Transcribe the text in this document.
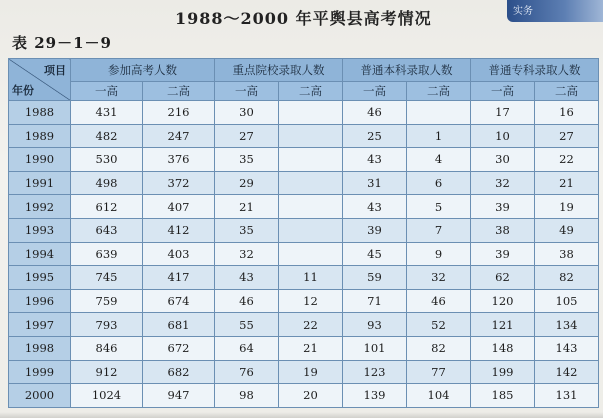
实务
1988～2000 年平舆县高考情况
表 29－1－9
项目
年份	参加高考人数		重点院校录取人数		普通本科录取人数		普通专科录取人数	
	一高	二高	一高	二高	一高	二高	一高	二高
1988	431	216	30		46		17	16
1989	482	247	27		25	1	10	27
1990	530	376	35		43	4	30	22
1991	498	372	29		31	6	32	21
1992	612	407	21		43	5	39	19
1993	643	412	35		39	7	38	49
1994	639	403	32		45	9	39	38
1995	745	417	43	11	59	32	62	82
1996	759	674	46	12	71	46	120	105
1997	793	681	55	22	93	52	121	134
1998	846	672	64	21	101	82	148	143
1999	912	682	76	19	123	77	199	142
2000	1024	947	98	20	139	104	185	131
